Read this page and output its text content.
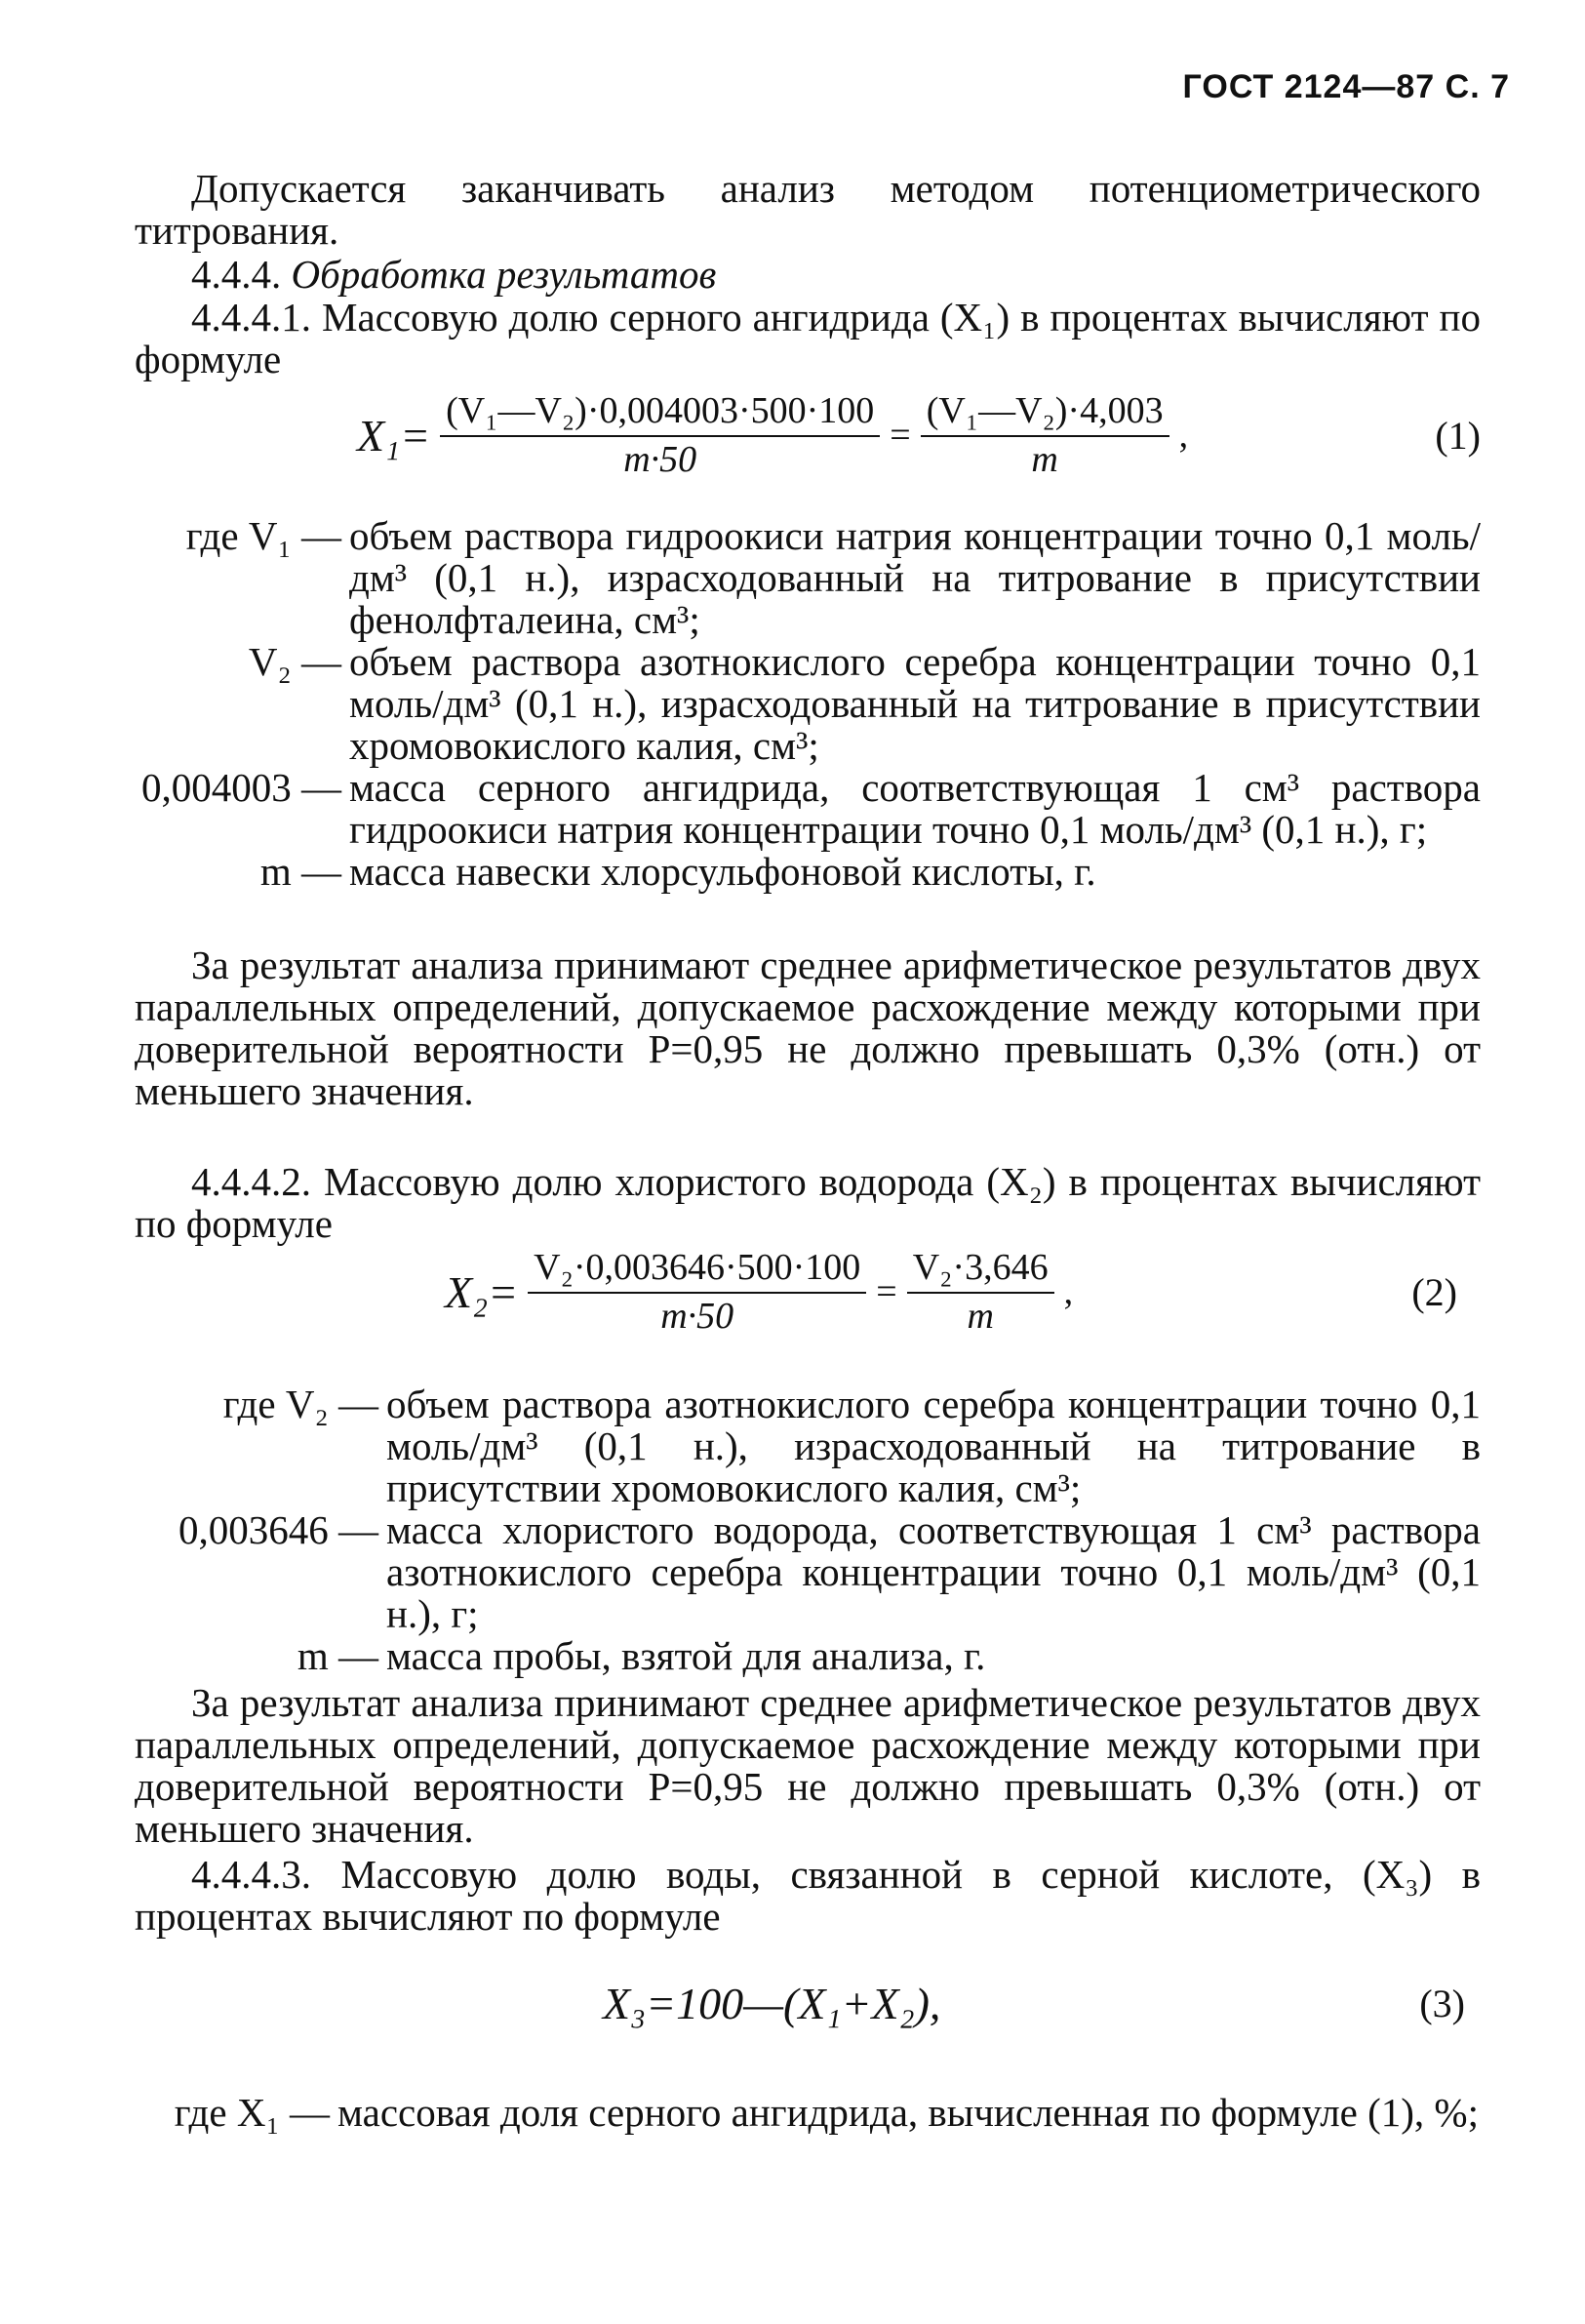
ГОСТ 2124—87 С. 7
Допускается заканчивать анализ методом потенциометрического титрования.
4.4.4. Обработка результатов
4.4.4.1. Массовую долю серного ангидрида (X₁) в процентах вычисляют по формуле
$X_1= \frac{\text{(V₁—V₂)·0,004003·500·100}}{m\cdot 50} = \frac{\text{(V₁—V₂)·4,003}}{m}$ ,	(1)
где V₁ — объем раствора гидроокиси натрия концентрации точно 0,1 моль/дм³ (0,1 н.), израсходованный на титрование в присутствии фенолфталеина, см³;
V₂ — объем раствора азотнокислого серебра концентрации точно 0,1 моль/дм³ (0,1 н.), израсходованный на титрование в присутствии хромовокислого калия, см³;
0,004003 — масса серного ангидрида, соответствующая 1 см³ раствора гидроокиси натрия концентрации точно 0,1 моль/дм³ (0,1 н.), г;
m — масса навески хлорсульфоновой кислоты, г.
За результат анализа принимают среднее арифметическое результатов двух параллельных определений, допускаемое расхождение между которыми при доверительной вероятности P=0,95 не должно превышать 0,3% (отн.) от меньшего значения.
4.4.4.2. Массовую долю хлористого водорода (X₂) в процентах вычисляют по формуле
$X_2= \frac{\text{V₂·0,003646·500·100}}{m\cdot 50} = \frac{\text{V₂·3,646}}{m}$ ,	(2)
где V₂ — объем раствора азотнокислого серебра концентрации точно 0,1 моль/дм³ (0,1 н.), израсходованный на титрование в присутствии хромовокислого калия, см³;
0,003646 — масса хлористого водорода, соответствующая 1 см³ раствора азотнокислого серебра концентрации точно 0,1 моль/дм³ (0,1 н.), г;
m — масса пробы, взятой для анализа, г.
За результат анализа принимают среднее арифметическое результатов двух параллельных определений, допускаемое расхождение между которыми при доверительной вероятности P=0,95 не должно превышать 0,3% (отн.) от меньшего значения.
4.4.4.3. Массовую долю воды, связанной в серной кислоте, (X₃) в процентах вычисляют по формуле
X₃=100—(X₁+X₂),	(3)
где X₁ — массовая доля серного ангидрида, вычисленная по формуле (1), %;
